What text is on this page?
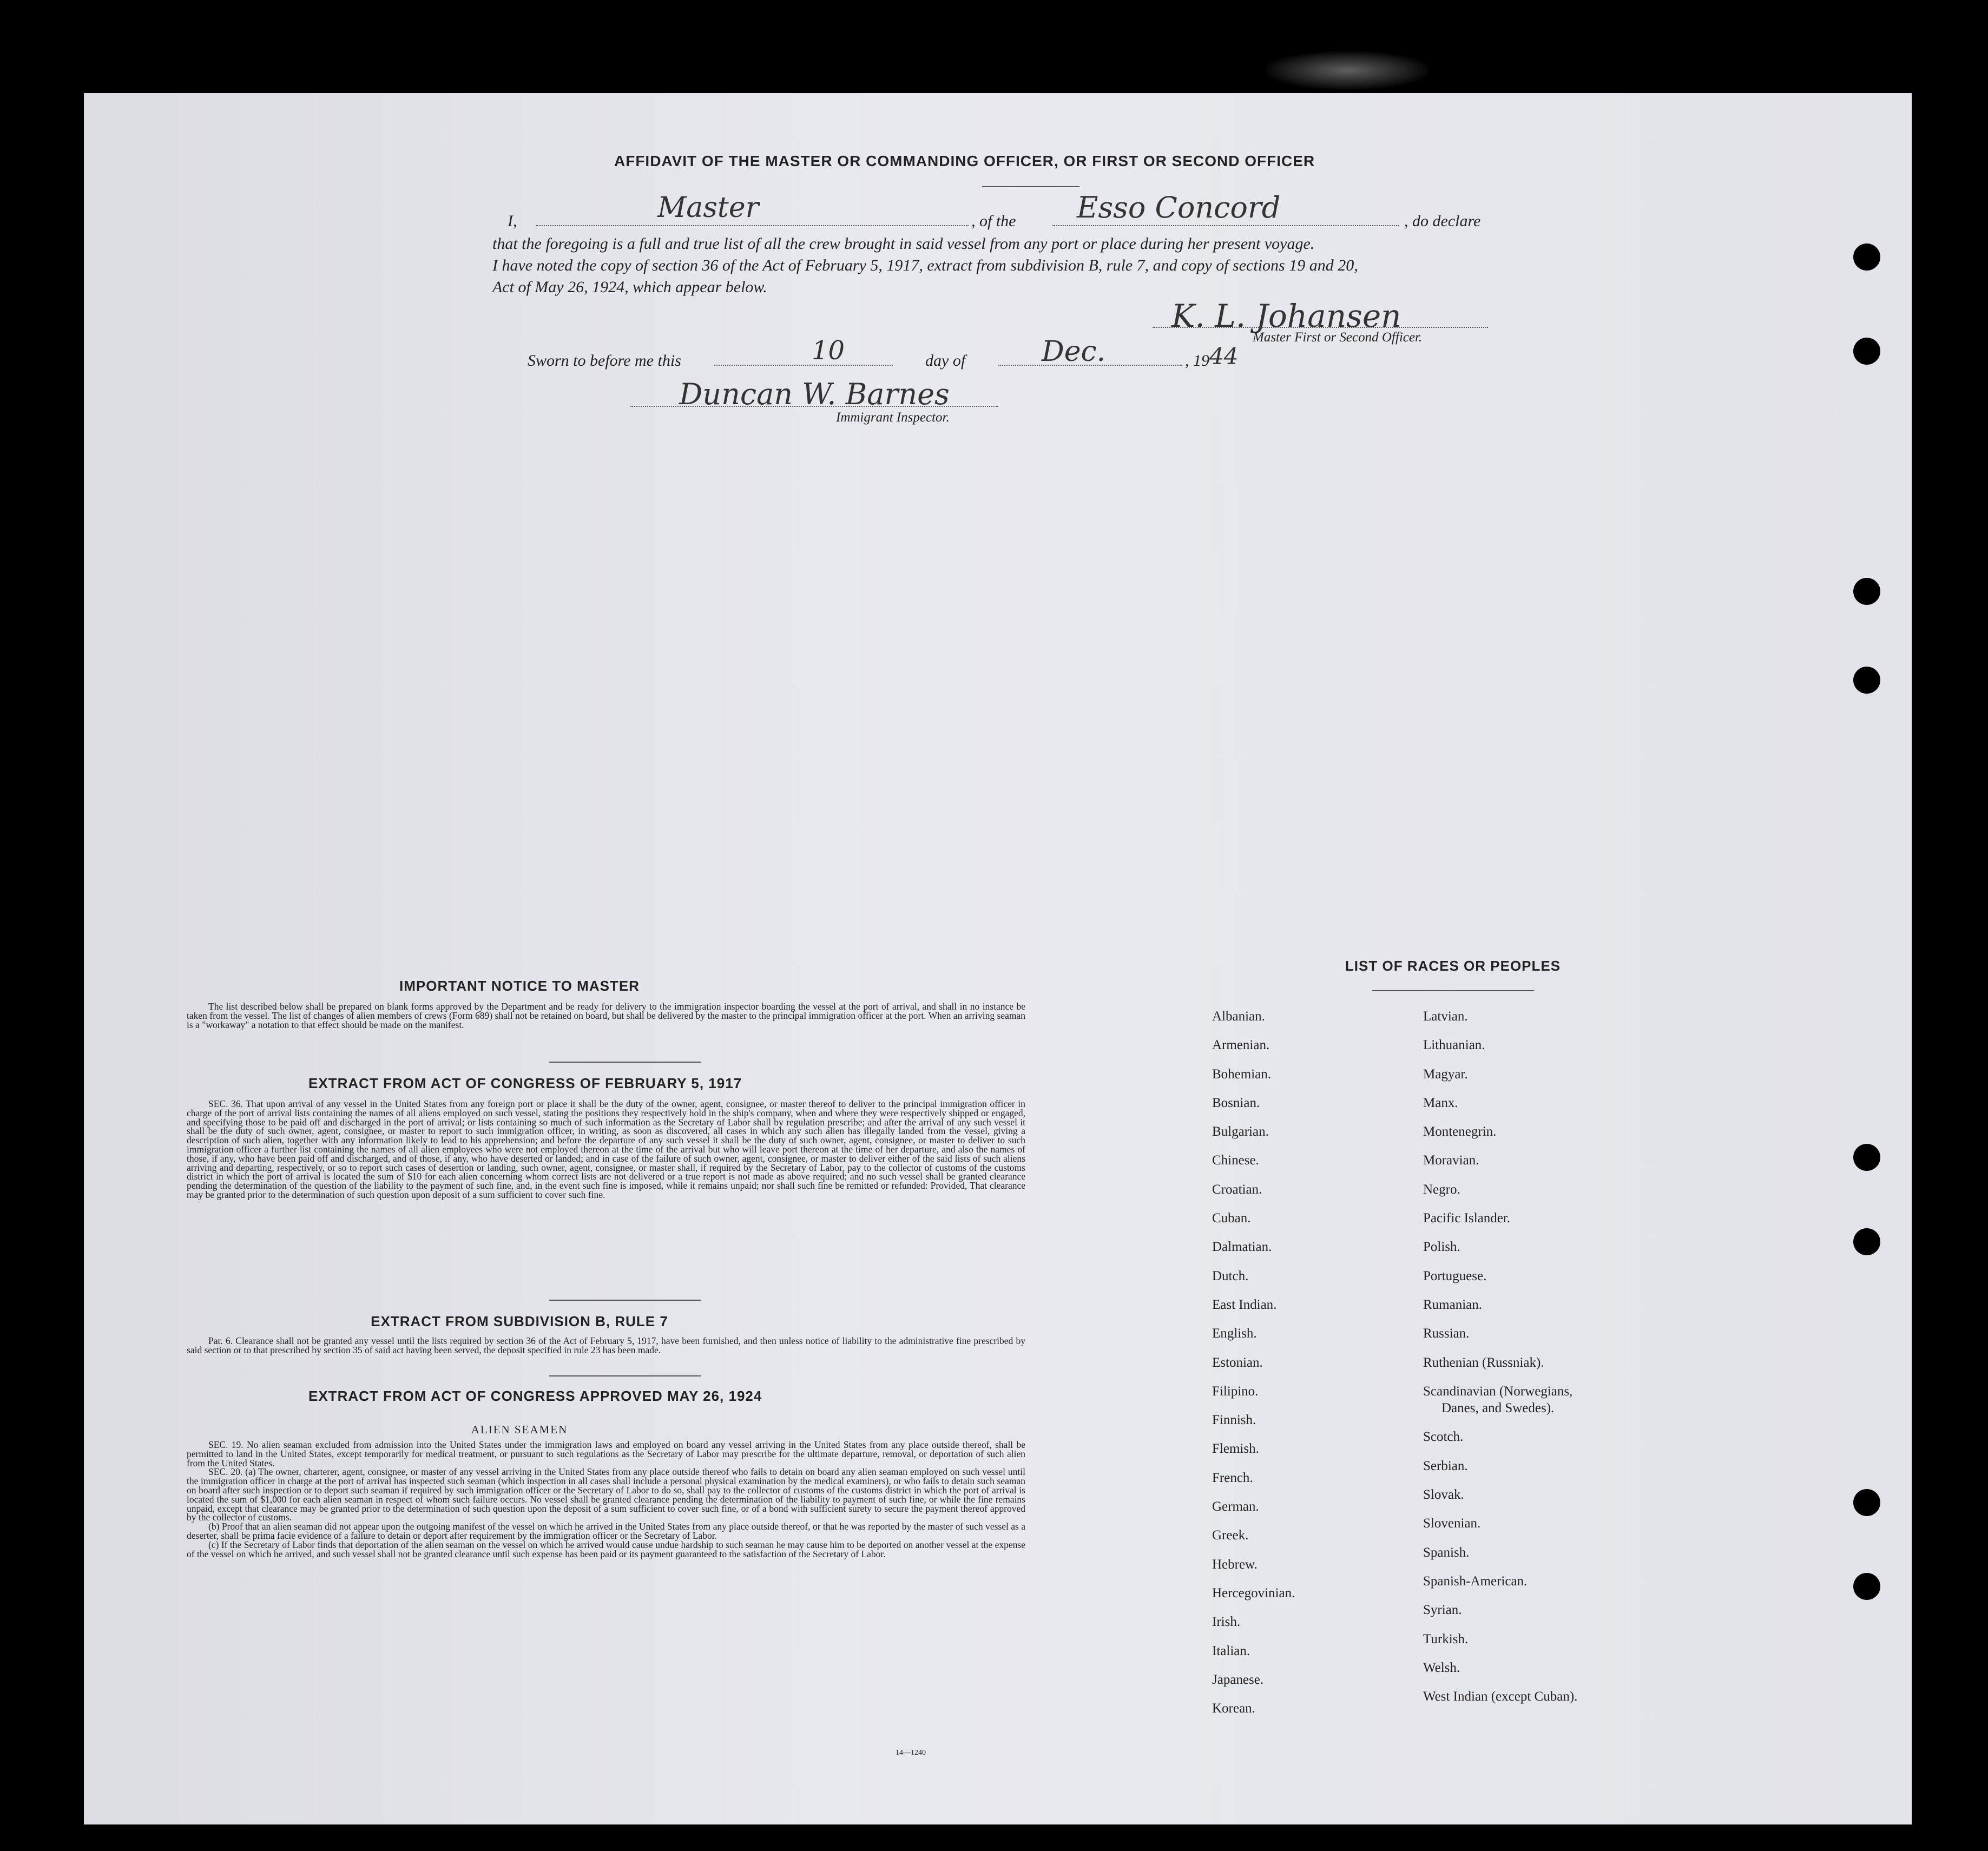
AFFIDAVIT OF THE MASTER OR COMMANDING OFFICER, OR FIRST OR SECOND OFFICER
I,	Master	, of the Esso Concord	, do declare
that the foregoing is a full and true list of all the crew brought in said vessel from any port or place during her present voyage.
I have noted the copy of section 36 of the Act of February 5, 1917, extract from subdivision B, rule 7, and copy of sections 19 and 20,
Act of May 26, 1924, which appear below.
K. L. Johansen
Master First or Second Officer.
Sworn to before me this	10	day of	Dec.	, 19 44
Duncan W. Barnes
Immigrant Inspector.
IMPORTANT NOTICE TO MASTER

The list described below shall be prepared on blank forms approved by the Department and be ready for delivery to the immigration inspector boarding the vessel at the port of arrival, and shall in no instance be taken from the vessel. The list of changes of alien members of crews (Form 689) shall not be retained on board, but shall be delivered by the master to the principal immigration officer at the port. When an arriving seaman is a "workaway" a notation to that effect should be made on the manifest.

EXTRACT FROM ACT OF CONGRESS OF FEBRUARY 5, 1917

SEC. 36. That upon arrival of any vessel in the United States from any foreign port or place it shall be the duty of the owner, agent, consignee, or master thereof to deliver to the principal immigration officer in charge of the port of arrival lists containing the names of all aliens employed on such vessel, stating the positions they respectively hold in the ship's company, when and where they were respectively shipped or engaged, and specifying those to be paid off and discharged in the port of arrival; or lists containing so much of such information as the Secretary of Labor shall by regulation prescribe; and after the arrival of any such vessel it shall be the duty of such owner, agent, consignee, or master to report to such immigration officer, in writing, as soon as discovered, all cases in which any such alien has illegally landed from the vessel, giving a description of such alien, together with any information likely to lead to his apprehension; and before the departure of any such vessel it shall be the duty of such owner, agent, consignee, or master to deliver to such immigration officer a further list containing the names of all alien employees who were not employed thereon at the time of the arrival but who will leave port thereon at the time of her departure, and also the names of those, if any, who have been paid off and discharged, and of those, if any, who have deserted or landed; and in case of the failure of such owner, agent, consignee, or master to deliver either of the said lists of such aliens arriving and departing, respectively, or so to report such cases of desertion or landing, such owner, agent, consignee, or master shall, if required by the Secretary of Labor, pay to the collector of customs of the customs district in which the port of arrival is located the sum of $10 for each alien concerning whom correct lists are not delivered or a true report is not made as above required; and no such vessel shall be granted clearance pending the determination of the question of the liability to the payment of such fine, and, in the event such fine is imposed, while it remains unpaid; nor shall such fine be remitted or refunded: Provided, That clearance may be granted prior to the determination of such question upon deposit of a sum sufficient to cover such fine.

EXTRACT FROM SUBDIVISION B, RULE 7

Par. 6. Clearance shall not be granted any vessel until the lists required by section 36 of the Act of February 5, 1917, have been furnished, and then unless notice of liability to the administrative fine prescribed by said section or to that prescribed by section 35 of said act having been served, the deposit specified in rule 23 has been made.

EXTRACT FROM ACT OF CONGRESS APPROVED MAY 26, 1924
ALIEN SEAMEN

SEC. 19. No alien seaman excluded from admission into the United States under the immigration laws and employed on board any vessel arriving in the United States from any place outside thereof, shall be permitted to land in the United States, except temporarily for medical treatment, or pursuant to such regulations as the Secretary of Labor may prescribe for the ultimate departure, removal, or deportation of such alien from the United States.

SEC. 20. (a) The owner, charterer, agent, consignee, or master of any vessel arriving in the United States from any place outside thereof who fails to detain on board any alien seaman employed on such vessel until the immigration officer in charge at the port of arrival has inspected such seaman (which inspection in all cases shall include a personal physical examination by the medical examiners), or who fails to detain such seaman on board after such inspection or to deport such seaman if required by such immigration officer or the Secretary of Labor to do so, shall pay to the collector of customs of the customs district in which the port of arrival is located the sum of $1,000 for each alien seaman in respect of whom such failure occurs. No vessel shall be granted clearance pending the determination of the liability to payment of such fine, or while the fine remains unpaid, except that clearance may be granted prior to the determination of such question upon the deposit of a sum sufficient to cover such fine, or of a bond with sufficient surety to secure the payment thereof approved by the collector of customs.

(b) Proof that an alien seaman did not appear upon the outgoing manifest of the vessel on which he arrived in the United States from any place outside thereof, or that he was reported by the master of such vessel as a deserter, shall be prima facie evidence of a failure to detain or deport after requirement by the immigration officer or the Secretary of Labor.

(c) If the Secretary of Labor finds that deportation of the alien seaman on the vessel on which he arrived would cause undue hardship to such seaman he may cause him to be deported on another vessel at the expense of the vessel on which he arrived, and such vessel shall not be granted clearance until such expense has been paid or its payment guaranteed to the satisfaction of the Secretary of Labor.

14—1240
LIST OF RACES OR PEOPLES
Albanian.
Armenian.
Bohemian.
Bosnian.
Bulgarian.
Chinese.
Croatian.
Cuban.
Dalmatian.
Dutch.
East Indian.
English.
Estonian.
Filipino.
Finnish.
Flemish.
French.
German.
Greek.
Hebrew.
Hercegovinian.
Irish.
Italian.
Japanese.
Korean.
Latvian.
Lithuanian.
Magyar.
Manx.
Montenegrin.
Moravian.
Negro.
Pacific Islander.
Polish.
Portuguese.
Rumanian.
Russian.
Ruthenian (Russniak).
Scandinavian (Norwegians,
Danes, and Swedes).
Scotch.
Serbian.
Slovak.
Slovenian.
Spanish.
Spanish-American.
Syrian.
Turkish.
Welsh.
West Indian (except Cuban).
